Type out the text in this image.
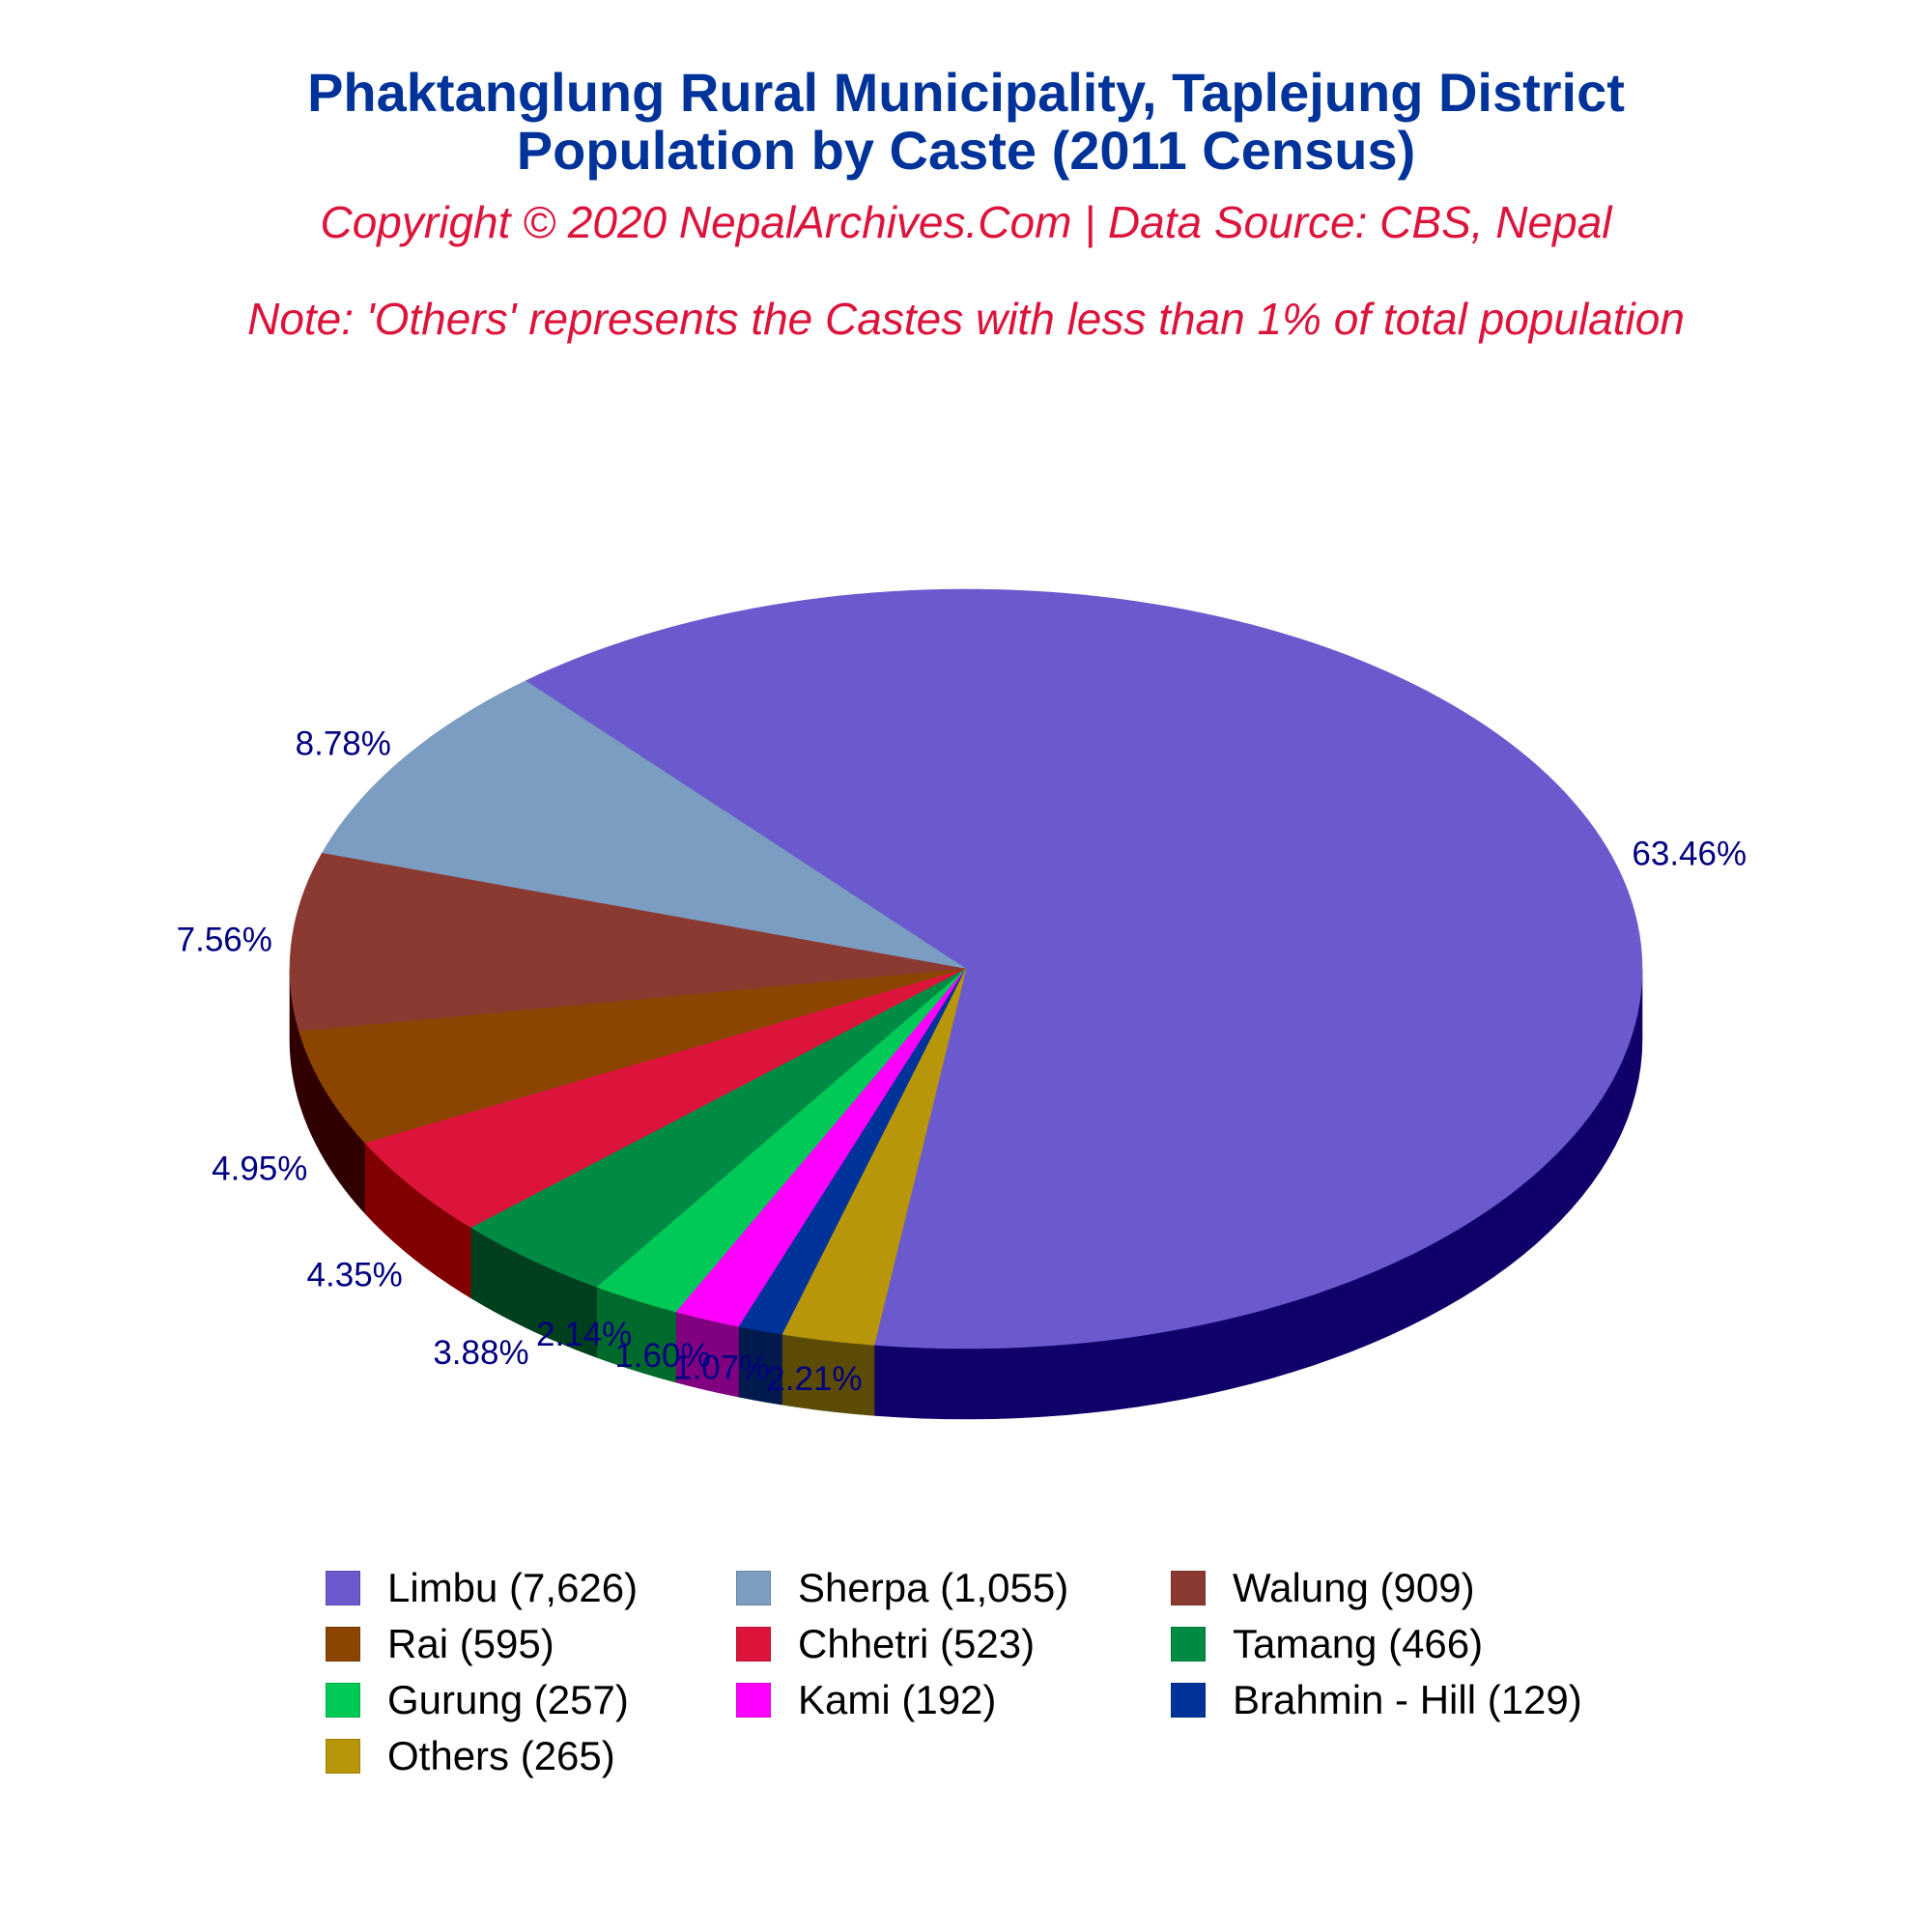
Phaktanglung Rural Municipality, Taplejung District
Population by Caste (2011 Census)
Copyright © 2020 NepalArchives.Com | Data Source: CBS, Nepal
Note: 'Others' represents the Castes with less than 1% of total population
63.46%
8.78%
7.56%
4.95%
4.35%
3.88% 2.14%
1.60%
1.07%
2.21%
Limbu (7,626)	Sherpa (1,055)	Walung (909)
Rai (595)	Chhetri (523)	Tamang (466)
Gurung (257)	Kami (192)	Brahmin - Hill (129)
Others (265)
